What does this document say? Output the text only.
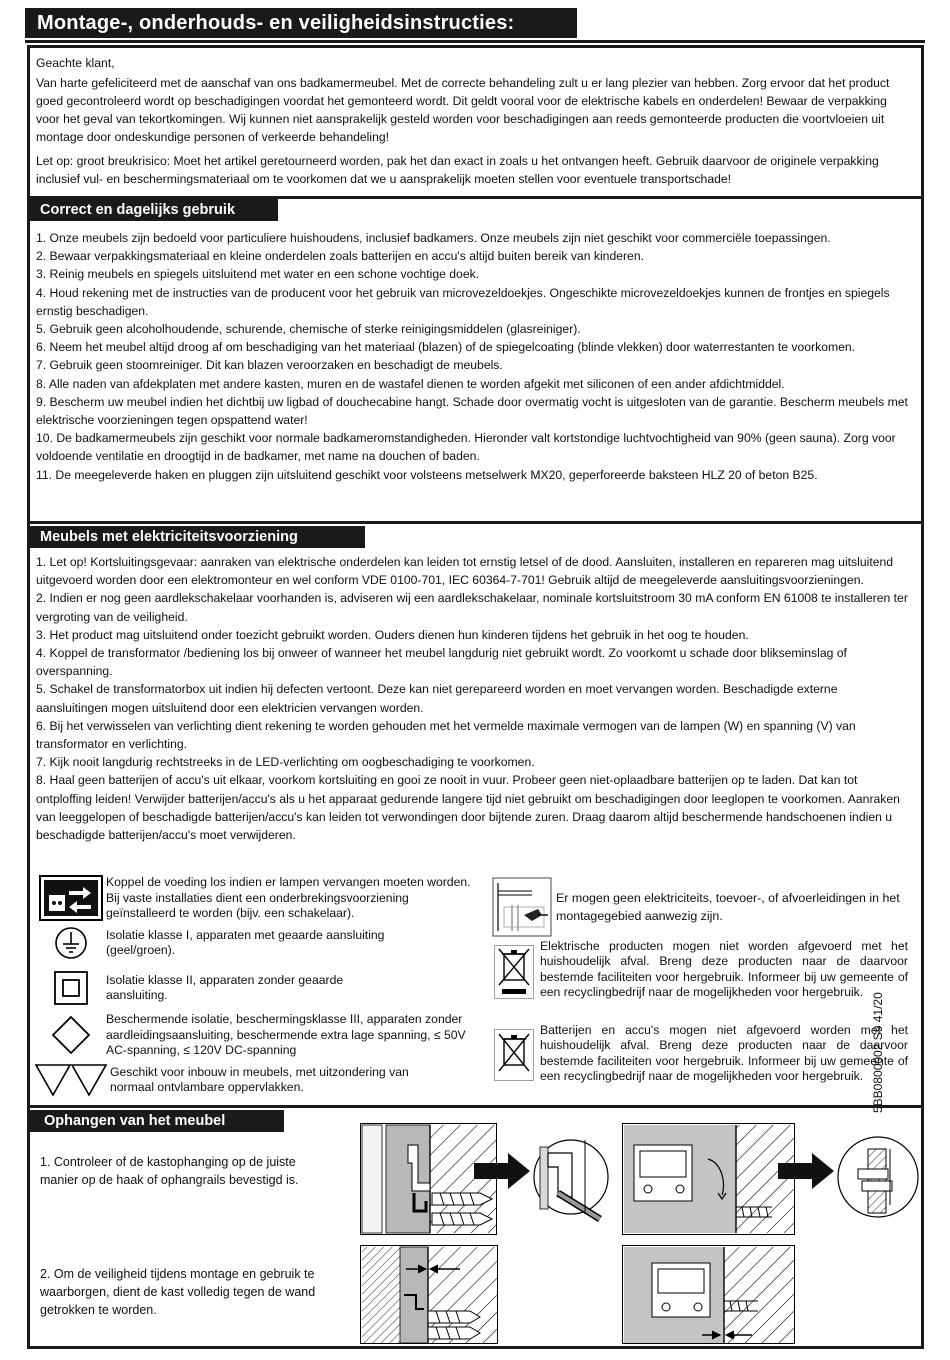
Montage-, onderhouds- en veiligheidsinstructies:

Geachte klant,

Van harte gefeliciteerd met de aanschaf van ons badkamermeubel. Met de correcte behandeling zult u er lang plezier van hebben. Zorg ervoor dat het product goed gecontroleerd wordt op beschadigingen voordat het gemonteerd wordt. Dit geldt vooral voor de elektrische kabels en onderdelen! Bewaar de verpakking voor het geval van tekortkomingen. Wij kunnen niet aansprakelijk gesteld worden voor beschadigingen aan reeds gemonteerde producten die voortvloeien uit montage door ondeskundige personen of verkeerde behandeling!

Let op: groot breukrisico: Moet het artikel geretourneerd worden, pak het dan exact in zoals u het ontvangen heeft. Gebruik daarvoor de originele verpakking inclusief vul- en beschermingsmateriaal om te voorkomen dat we u aansprakelijk moeten stellen voor eventuele transportschade!

Correct en dagelijks gebruik
1. Onze meubels zijn bedoeld voor particuliere huishoudens, inclusief badkamers. Onze meubels zijn niet geschikt voor commerciële toepassingen.
2. Bewaar verpakkingsmateriaal en kleine onderdelen zoals batterijen en accu's altijd buiten bereik van kinderen.
3. Reinig meubels en spiegels uitsluitend met water en een schone vochtige doek.
4. Houd rekening met de instructies van de producent voor het gebruik van microvezeldoekjes. Ongeschikte microvezeldoekjes kunnen de frontjes en spiegels ernstig beschadigen.
5. Gebruik geen alcoholhoudende, schurende, chemische of sterke reinigingsmiddelen (glasreiniger).
6. Neem het meubel altijd droog af om beschadiging van het materiaal (blazen) of de spiegelcoating (blinde vlekken) door waterrestanten te voorkomen.
7. Gebruik geen stoomreiniger. Dit kan blazen veroorzaken en beschadigt de meubels.
8. Alle naden van afdekplaten met andere kasten, muren en de wastafel dienen te worden afgekit met siliconen of een ander afdichtmiddel.
9. Bescherm uw meubel indien het dichtbij uw ligbad of douchecabine hangt. Schade door overmatig vocht is uitgesloten van de garantie. Bescherm meubels met elektrische voorzieningen tegen opspattend water!
10. De badkamermeubels zijn geschikt voor normale badkameromstandigheden. Hieronder valt kortstondige luchtvochtigheid van 90% (geen sauna). Zorg voor voldoende ventilatie en droogtijd in de badkamer, met name na douchen of baden.
11. De meegeleverde haken en pluggen zijn uitsluitend geschikt voor volsteens metselwerk MX20, geperforeerde baksteen HLZ 20 of beton B25.
Meubels met elektriciteitsvoorziening
1. Let op! Kortsluitingsgevaar: aanraken van elektrische onderdelen kan leiden tot ernstig letsel of de dood. Aansluiten, installeren en repareren mag uitsluitend uitgevoerd worden door een elektromonteur en wel conform VDE 0100-701, IEC 60364-7-701! Gebruik altijd de meegeleverde aansluitingsvoorzieningen.
2. Indien er nog geen aardlekschakelaar voorhanden is, adviseren wij een aardlekschakelaar, nominale kortsluitstroom 30 mA conform EN 61008 te installeren ter vergroting van de veiligheid.
3. Het product mag uitsluitend onder toezicht gebruikt worden. Ouders dienen hun kinderen tijdens het gebruik in het oog te houden.
4. Koppel de transformator /bediening los bij onweer of wanneer het meubel langdurig niet gebruikt wordt. Zo voorkomt u schade door blikseminslag of overspanning.
5. Schakel de transformatorbox uit indien hij defecten vertoont. Deze kan niet gerepareerd worden en moet vervangen worden. Beschadigde externe aansluitingen mogen uitsluitend door een elektricien vervangen worden.
6. Bij het verwisselen van verlichting dient rekening te worden gehouden met het vermelde maximale vermogen van de lampen (W) en spanning (V) van transformator en verlichting.
7. Kijk nooit langdurig rechtstreeks in de LED-verlichting om oogbeschadiging te voorkomen.
8. Haal geen batterijen of accu's uit elkaar, voorkom kortsluiting en gooi ze nooit in vuur. Probeer geen niet-oplaadbare batterijen op te laden. Dat kan tot ontploffing leiden! Verwijder batterijen/accu's als u het apparaat gedurende langere tijd niet gebruikt om beschadigingen door leeglopen te voorkomen. Aanraken van leeggelopen of beschadigde batterijen/accu's kan leiden tot verwondingen door bijtende zuren. Draag daarom altijd beschermende handschoenen indien u beschadigde batterijen/accu's moet verwijderen.
Koppel de voeding los indien er lampen vervangen moeten worden. Bij vaste installaties dient een onderbrekingsvoorziening geïnstalleerd te worden (bijv. een schakelaar).
Isolatie klasse I, apparaten met geaarde aansluiting (geel/groen).
Isolatie klasse II, apparaten zonder geaarde aansluiting.
Beschermende isolatie, beschermingsklasse III, apparaten zonder aardleidingsaansluiting, beschermende extra lage spanning, ≤ 50V AC-spanning, ≤ 120V DC-spanning
Geschikt voor inbouw in meubels, met uitzondering van normaal ontvlambare oppervlakken.
Er mogen geen elektriciteits, toevoer-, of afvoerleidingen in het montagegebied aanwezig zijn.
Elektrische producten mogen niet worden afgevoerd met het huishoudelijk afval. Breng deze producten naar de daarvoor bestemde faciliteiten voor hergebruik. Informeer bij uw gemeente of een recyclingbedrijf naar de mogelijkheden voor hergebruik.
Batterijen en accu's mogen niet afgevoerd worden met het huishoudelijk afval. Breng deze producten naar de daarvoor bestemde faciliteiten voor hergebruik. Informeer bij uw gemeente of een recyclingbedrijf naar de mogelijkheden voor hergebruik.
Ophangen van het meubel
1. Controleer of de kastophanging op de juiste manier op de haak of ophangrails bevestigd is.
2. Om de veiligheid tijdens montage en gebruik te waarborgen, dient de kast volledig tegen de wand getrokken te worden.
5BB0800002 S9 41/20
